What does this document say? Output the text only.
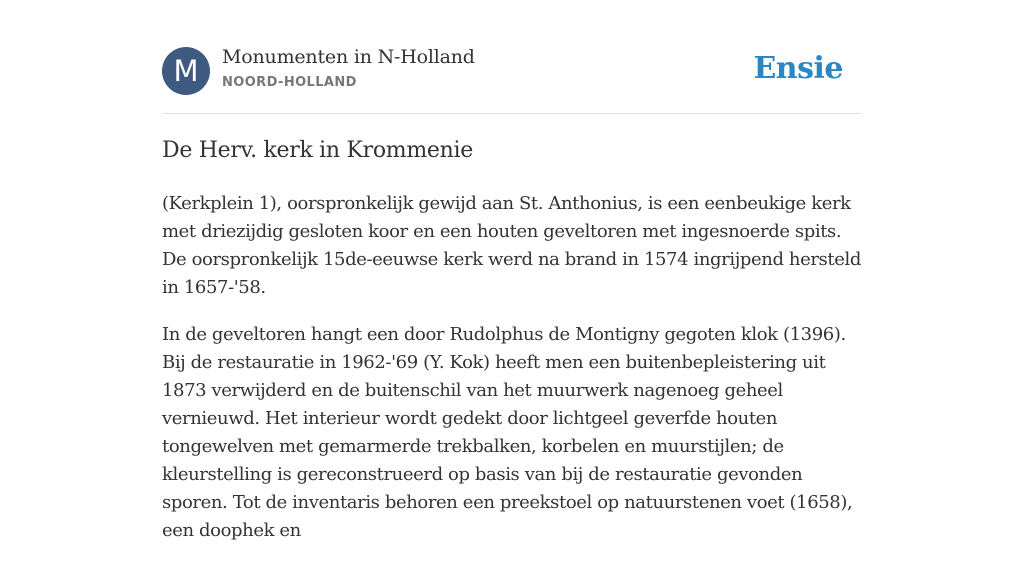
M	Monumenten in N-Holland
NOORD-HOLLAND	Ensie
De Herv. kerk in Krommenie

(Kerkplein 1), oorspronkelijk gewijd aan St. Anthonius, is een eenbeukige kerk met driezijdig gesloten koor en een houten geveltoren met ingesnoerde spits. De oorspronkelijk 15de-eeuwse kerk werd na brand in 1574 ingrijpend hersteld in 1657-'58.

In de geveltoren hangt een door Rudolphus de Montigny gegoten klok (1396). Bij de restauratie in 1962-'69 (Y. Kok) heeft men een buitenbepleistering uit 1873 verwijderd en de buitenschil van het muurwerk nagenoeg geheel vernieuwd. Het interieur wordt gedekt door lichtgeel geverfde houten tongewelven met gemarmerde trekbalken, korbelen en muurstijlen; de kleurstelling is gereconstrueerd op basis van bij de restauratie gevonden sporen. Tot de inventaris behoren een preekstoel op natuurstenen voet (1658), een doophek en
